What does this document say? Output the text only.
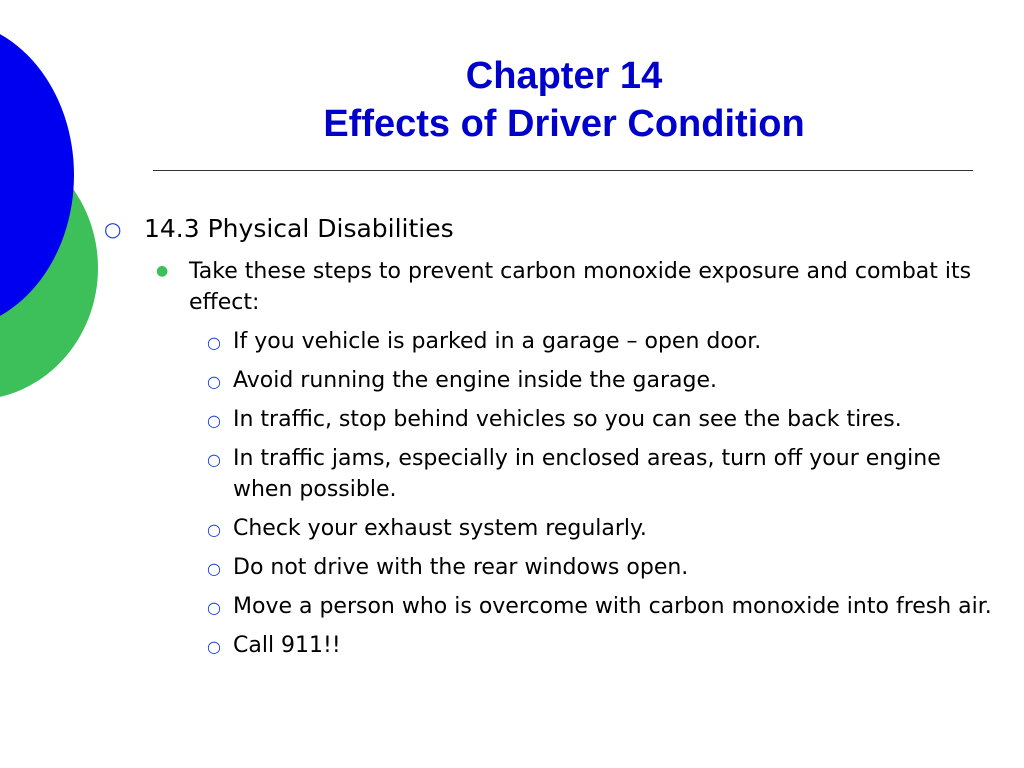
Chapter 14
Effects of Driver Condition
○ 14.3 Physical Disabilities
● Take these steps to prevent carbon monoxide exposure and combat its effect:
○ If you vehicle is parked in a garage – open door.
○ Avoid running the engine inside the garage.
○ In traffic, stop behind vehicles so you can see the back tires.
○ In traffic jams, especially in enclosed areas, turn off your engine when possible.
○ Check your exhaust system regularly.
○ Do not drive with the rear windows open.
○ Move a person who is overcome with carbon monoxide into fresh air.
○ Call 911!!
